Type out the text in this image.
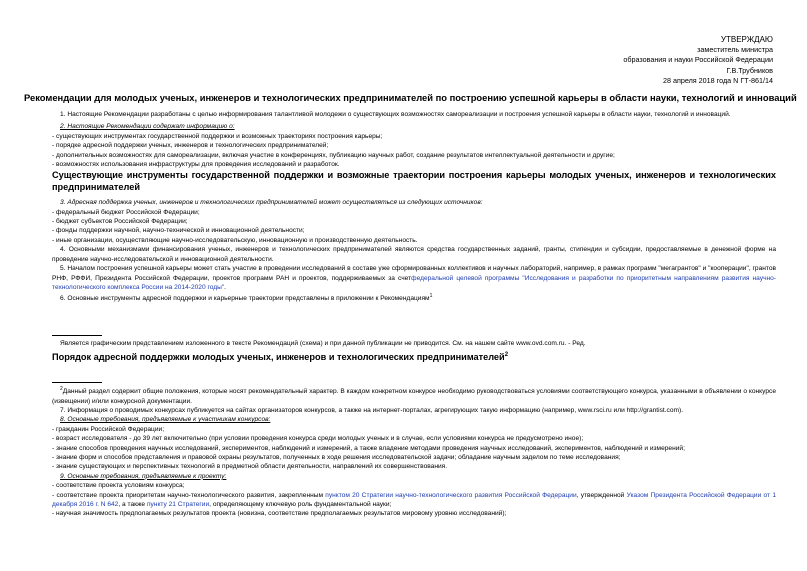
УТВЕРЖДАЮ
заместитель министра
образования и науки Российской Федерации
Г.В.Трубников
28 апреля 2018 года N ГТ-861/14
Рекомендации для молодых ученых, инженеров и технологических предпринимателей по построению успешной карьеры в области науки, технологий и инноваций

1. Настоящие Рекомендации разработаны с целью информирования талантливой молодежи о существующих возможностях самореализации и построения успешной карьеры в области науки, технологий и инноваций.

2. Настоящие Рекомендации содержат информацию о:

- существующих инструментах государственной поддержки и возможных траекториях построения карьеры;

- порядке адресной поддержки ученых, инженеров и технологических предпринимателей;

- дополнительных возможностях для самореализации, включая участие в конференциях, публикацию научных работ, создание результатов интеллектуальной деятельности и другие;

- возможностях использования инфраструктуры для проведения исследований и разработок.

Существующие инструменты государственной поддержки и возможные траектории построения карьеры молодых ученых, инженеров и технологических предпринимателей

3. Адресная поддержка ученых, инженеров и технологических предпринимателей может осуществляться из следующих источников:

- федеральный бюджет Российской Федерации;

- бюджет субъектов Российской Федерации;

- фонды поддержки научной, научно-технической и инновационной деятельности;

- иные организации, осуществляющие научно-исследовательскую, инновационную и производственную деятельность.

4. Основными механизмами финансирования ученых, инженеров и технологических предпринимателей являются средства государственных заданий, гранты, стипендии и субсидии, предоставляемые в денежной форме на проведение научно-исследовательской и инновационной деятельности.

5. Началом построения успешной карьеры может стать участие в проведении исследований в составе уже сформированных коллективов и научных лабораторий, например, в рамках программ "мегагрантов" и "кооперации", грантов РНФ, РФФИ, Президента Российской Федерации, проектов программ РАН и проектов, поддерживаемых за счетфедеральной целевой программы "Исследования и разработки по приоритетным направлениям развития научно-технологического комплекса России на 2014-2020 годы".

6. Основные инструменты адресной поддержки и карьерные траектории представлены в приложении к Рекомендациям$^1$

Является графическим представлением изложенного в тексте Рекомендаций (схема) и при данной публикации не приводится. См. на нашем сайте www.ovd.com.ru. - Ред.

Порядок адресной поддержки молодых ученых, инженеров и технологических предпринимателей$^2$

$^2$Данный раздел содержит общие положения, которые носят рекомендательный характер. В каждом конкретном конкурсе необходимо руководствоваться условиями соответствующего конкурса, указанными в объявлении о конкурсе (извещении) и/или конкурсной документации.

7. Информация о проводимых конкурсах публикуется на сайтах организаторов конкурсов, а также на интернет-порталах, агрегирующих такую информацию (например, www.rsci.ru или http://grantist.com).

8. Основные требования, предъявляемые к участникам конкурсов:

- гражданин Российской Федерации;

- возраст исследователя - до 39 лет включительно (при условии проведения конкурса среди молодых ученых и в случае, если условиями конкурса не предусмотрено иное);

- знание способов проведения научных исследований, экспериментов, наблюдений и измерений, а также владение методами проведения научных исследований, экспериментов, наблюдений и измерений;

- знание форм и способов представления и правовой охраны результатов, полученных в ходе решения исследовательской задачи; обладание научным заделом по теме исследования;

- знание существующих и перспективных технологий в предметной области деятельности, направлений их совершенствования.

9. Основные требования, предъявляемые к проекту:

- соответствие проекта условиям конкурса;

- соответствие проекта приоритетам научно-технологического развития, закрепленным пунктом 20 Стратегии научно-технологического развития Российской Федерации, утвержденной Указом Президента Российской Федерации от 1 декабря 2016 г. N 642, а также пункту 21 Стратегии, определяющему ключевую роль фундаментальной науки;

- научная значимость предполагаемых результатов проекта (новизна, соответствие предполагаемых результатов мировому уровню исследований);
